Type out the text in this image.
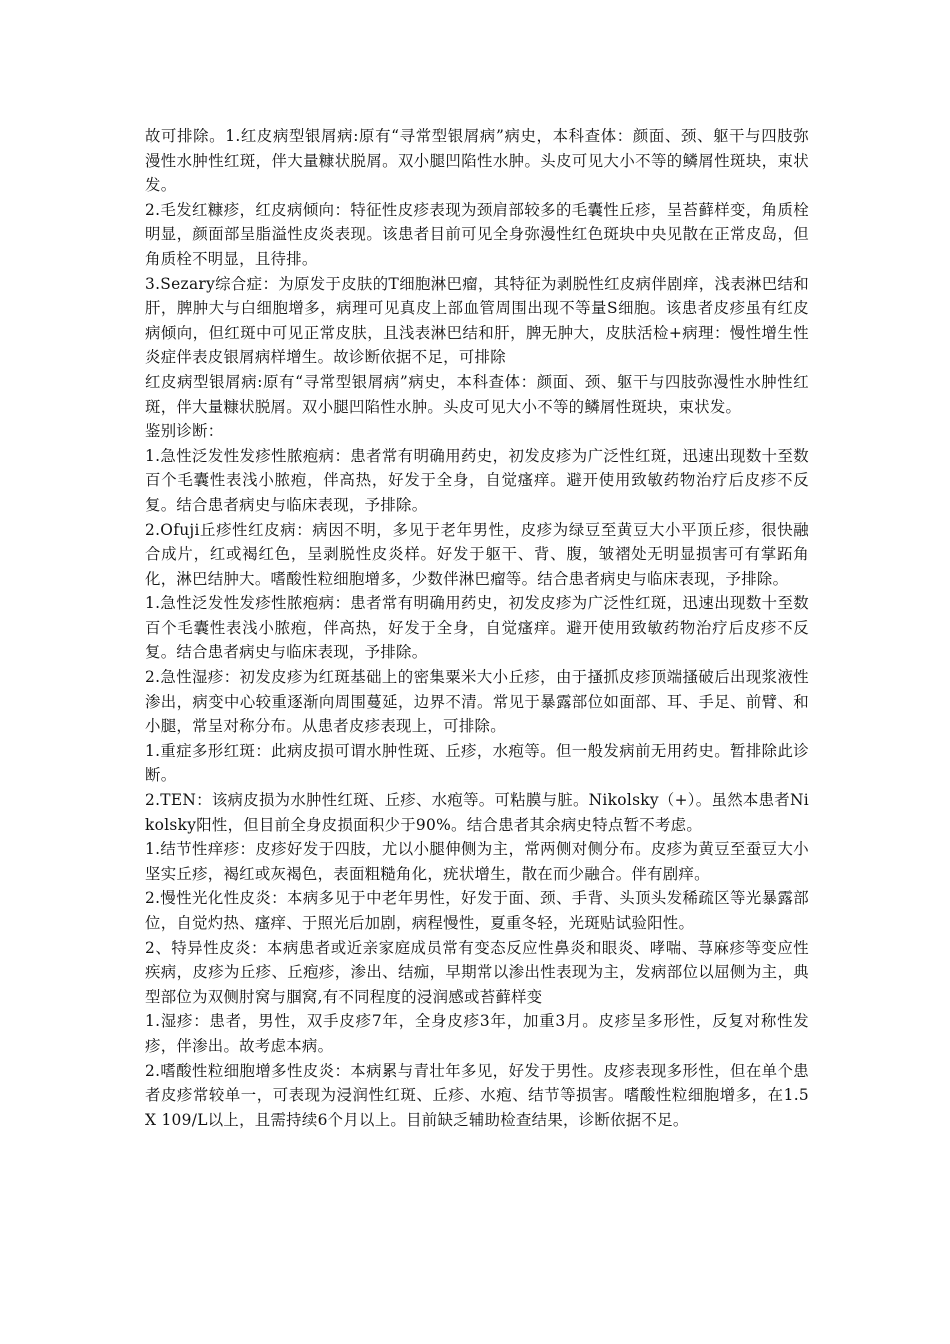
故可排除。1.红皮病型银屑病:原有“寻常型银屑病”病史，本科查体：颜面、颈、躯干与四肢弥漫性水肿性红斑，伴大量糠状脱屑。双小腿凹陷性水肿。头皮可见大小不等的鳞屑性斑块，束状发。

2.毛发红糠疹，红皮病倾向：特征性皮疹表现为颈肩部较多的毛囊性丘疹，呈苔藓样变，角质栓明显，颜面部呈脂溢性皮炎表现。该患者目前可见全身弥漫性红色斑块中央见散在正常皮岛，但角质栓不明显，且待排。

3.Sezary综合症：为原发于皮肤的T细胞淋巴瘤，其特征为剥脱性红皮病伴剧痒，浅表淋巴结和肝，脾肿大与白细胞增多，病理可见真皮上部血管周围出现不等量S细胞。该患者皮疹虽有红皮病倾向，但红斑中可见正常皮肤，且浅表淋巴结和肝，脾无肿大，皮肤活检+病理：慢性增生性炎症伴表皮银屑病样增生。故诊断依据不足，可排除

红皮病型银屑病:原有“寻常型银屑病”病史，本科查体：颜面、颈、躯干与四肢弥漫性水肿性红斑，伴大量糠状脱屑。双小腿凹陷性水肿。头皮可见大小不等的鳞屑性斑块，束状发。

鉴别诊断：

1.急性泛发性发疹性脓疱病：患者常有明确用药史，初发皮疹为广泛性红斑，迅速出现数十至数百个毛囊性表浅小脓疱，伴高热，好发于全身，自觉瘙痒。避开使用致敏药物治疗后皮疹不反复。结合患者病史与临床表现，予排除。

2.Ofuji丘疹性红皮病：病因不明，多见于老年男性，皮疹为绿豆至黄豆大小平顶丘疹，很快融合成片，红或褐红色，呈剥脱性皮炎样。好发于躯干、背、腹，皱褶处无明显损害可有掌跖角化，淋巴结肿大。嗜酸性粒细胞增多，少数伴淋巴瘤等。结合患者病史与临床表现，予排除。

1.急性泛发性发疹性脓疱病：患者常有明确用药史，初发皮疹为广泛性红斑，迅速出现数十至数百个毛囊性表浅小脓疱，伴高热，好发于全身，自觉瘙痒。避开使用致敏药物治疗后皮疹不反复。结合患者病史与临床表现，予排除。

2.急性湿疹：初发皮疹为红斑基础上的密集粟米大小丘疹，由于搔抓皮疹顶端搔破后出现浆液性渗出，病变中心较重逐渐向周围蔓延，边界不清。常见于暴露部位如面部、耳、手足、前臂、和小腿，常呈对称分布。从患者皮疹表现上，可排除。

1.重症多形红斑：此病皮损可谓水肿性斑、丘疹，水疱等。但一般发病前无用药史。暂排除此诊断。

2.TEN：该病皮损为水肿性红斑、丘疹、水疱等。可粘膜与脏。Nikolsky（+）。虽然本患者Nikolsky阳性，但目前全身皮损面积少于90%。结合患者其余病史特点暂不考虑。

1.结节性痒疹：皮疹好发于四肢，尤以小腿伸侧为主，常两侧对侧分布。皮疹为黄豆至蚕豆大小坚实丘疹，褐红或灰褐色，表面粗糙角化，疣状增生，散在而少融合。伴有剧痒。

2.慢性光化性皮炎：本病多见于中老年男性，好发于面、颈、手背、头顶头发稀疏区等光暴露部位，自觉灼热、瘙痒、于照光后加剧，病程慢性，夏重冬轻，光斑贴试验阳性。

2、特异性皮炎：本病患者或近亲家庭成员常有变态反应性鼻炎和眼炎、哮喘、荨麻疹等变应性疾病，皮疹为丘疹、丘疱疹，渗出、结痂，早期常以渗出性表现为主，发病部位以屈侧为主，典型部位为双侧肘窝与腘窝,有不同程度的浸润感或苔藓样变

1.湿疹：患者，男性，双手皮疹7年，全身皮疹3年，加重3月。皮疹呈多形性，反复对称性发疹，伴渗出。故考虑本病。

2.嗜酸性粒细胞增多性皮炎：本病累与青壮年多见，好发于男性。皮疹表现多形性，但在单个患者皮疹常较单一，可表现为浸润性红斑、丘疹、水疱、结节等损害。嗜酸性粒细胞增多，在1.5 X 109/L以上，且需持续6个月以上。目前缺乏辅助检查结果，诊断依据不足。
